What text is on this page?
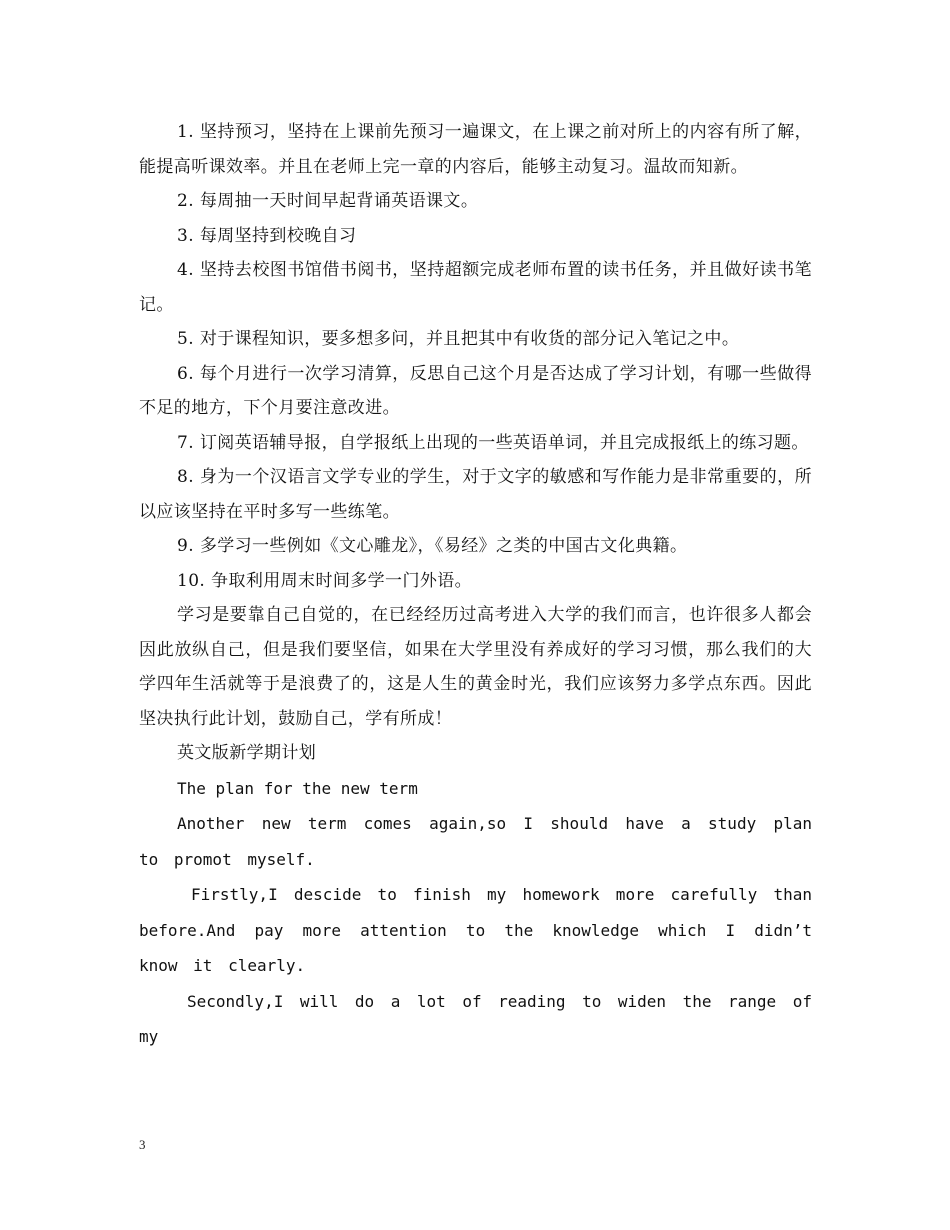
1. 坚持预习，坚持在上课前先预习一遍课文，在上课之前对所上的内容有所了解，能提高听课效率。并且在老师上完一章的内容后，能够主动复习。温故而知新。

2. 每周抽一天时间早起背诵英语课文。

3. 每周坚持到校晚自习

4. 坚持去校图书馆借书阅书，坚持超额完成老师布置的读书任务，并且做好读书笔记。

5. 对于课程知识，要多想多问，并且把其中有收货的部分记入笔记之中。

6. 每个月进行一次学习清算，反思自己这个月是否达成了学习计划，有哪一些做得不足的地方，下个月要注意改进。

7. 订阅英语辅导报，自学报纸上出现的一些英语单词，并且完成报纸上的练习题。

8. 身为一个汉语言文学专业的学生，对于文字的敏感和写作能力是非常重要的，所以应该坚持在平时多写一些练笔。

9. 多学习一些例如《文心雕龙》，《易经》之类的中国古文化典籍。

10. 争取利用周末时间多学一门外语。

学习是要靠自己自觉的，在已经经历过高考进入大学的我们而言，也许很多人都会因此放纵自己，但是我们要坚信，如果在大学里没有养成好的学习习惯，那么我们的大学四年生活就等于是浪费了的，这是人生的黄金时光，我们应该努力多学点东西。因此坚决执行此计划，鼓励自己，学有所成！

英文版新学期计划

The plan for the new term

Another new term comes again,so I should have a study plan to promot myself.

Firstly,I descide to finish my homework more carefully than before.And pay more attention to the knowledge which I didn’t know it clearly.

Secondly,I will do a lot of reading to widen the range of my

3
